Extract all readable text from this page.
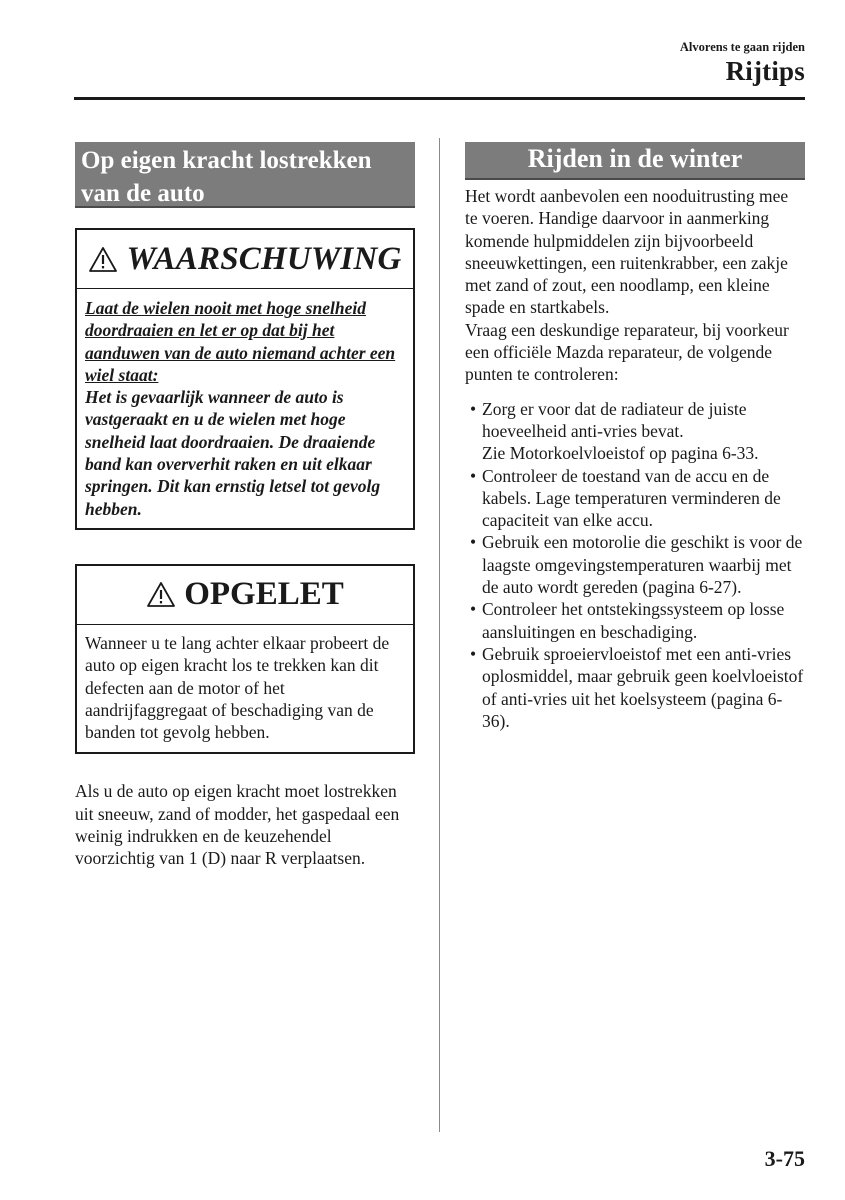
Alvorens te gaan rijden
Rijtips
Op eigen kracht lostrekken van de auto
WAARSCHUWING
Laat de wielen nooit met hoge snelheid doordraaien en let er op dat bij het aanduwen van de auto niemand achter een wiel staat:
Het is gevaarlijk wanneer de auto is vastgeraakt en u de wielen met hoge snelheid laat doordraaien. De draaiende band kan oververhit raken en uit elkaar springen. Dit kan ernstig letsel tot gevolg hebben.
OPGELET
Wanneer u te lang achter elkaar probeert de auto op eigen kracht los te trekken kan dit defecten aan de motor of het aandrijfaggregaat of beschadiging van de banden tot gevolg hebben.
Als u de auto op eigen kracht moet lostrekken uit sneeuw, zand of modder, het gaspedaal een weinig indrukken en de keuzehendel voorzichtig van 1 (D) naar R verplaatsen.
Rijden in de winter
Het wordt aanbevolen een nooduitrusting mee te voeren. Handige daarvoor in aanmerking komende hulpmiddelen zijn bijvoorbeeld sneeuwkettingen, een ruitenkrabber, een zakje met zand of zout, een noodlamp, een kleine spade en startkabels.
Vraag een deskundige reparateur, bij voorkeur een officiële Mazda reparateur, de volgende punten te controleren:
• Zorg er voor dat de radiateur de juiste hoeveelheid anti-vries bevat.
Zie Motorkoelvloeistof op pagina 6-33.
• Controleer de toestand van de accu en de kabels. Lage temperaturen verminderen de capaciteit van elke accu.
• Gebruik een motorolie die geschikt is voor de laagste omgevingstemperaturen waarbij met de auto wordt gereden (pagina 6-27).
• Controleer het ontstekingssysteem op losse aansluitingen en beschadiging.
• Gebruik sproeiervloeistof met een anti-vries oplosmiddel, maar gebruik geen koelvloeistof of anti-vries uit het koelsysteem (pagina 6-36).
3-75
